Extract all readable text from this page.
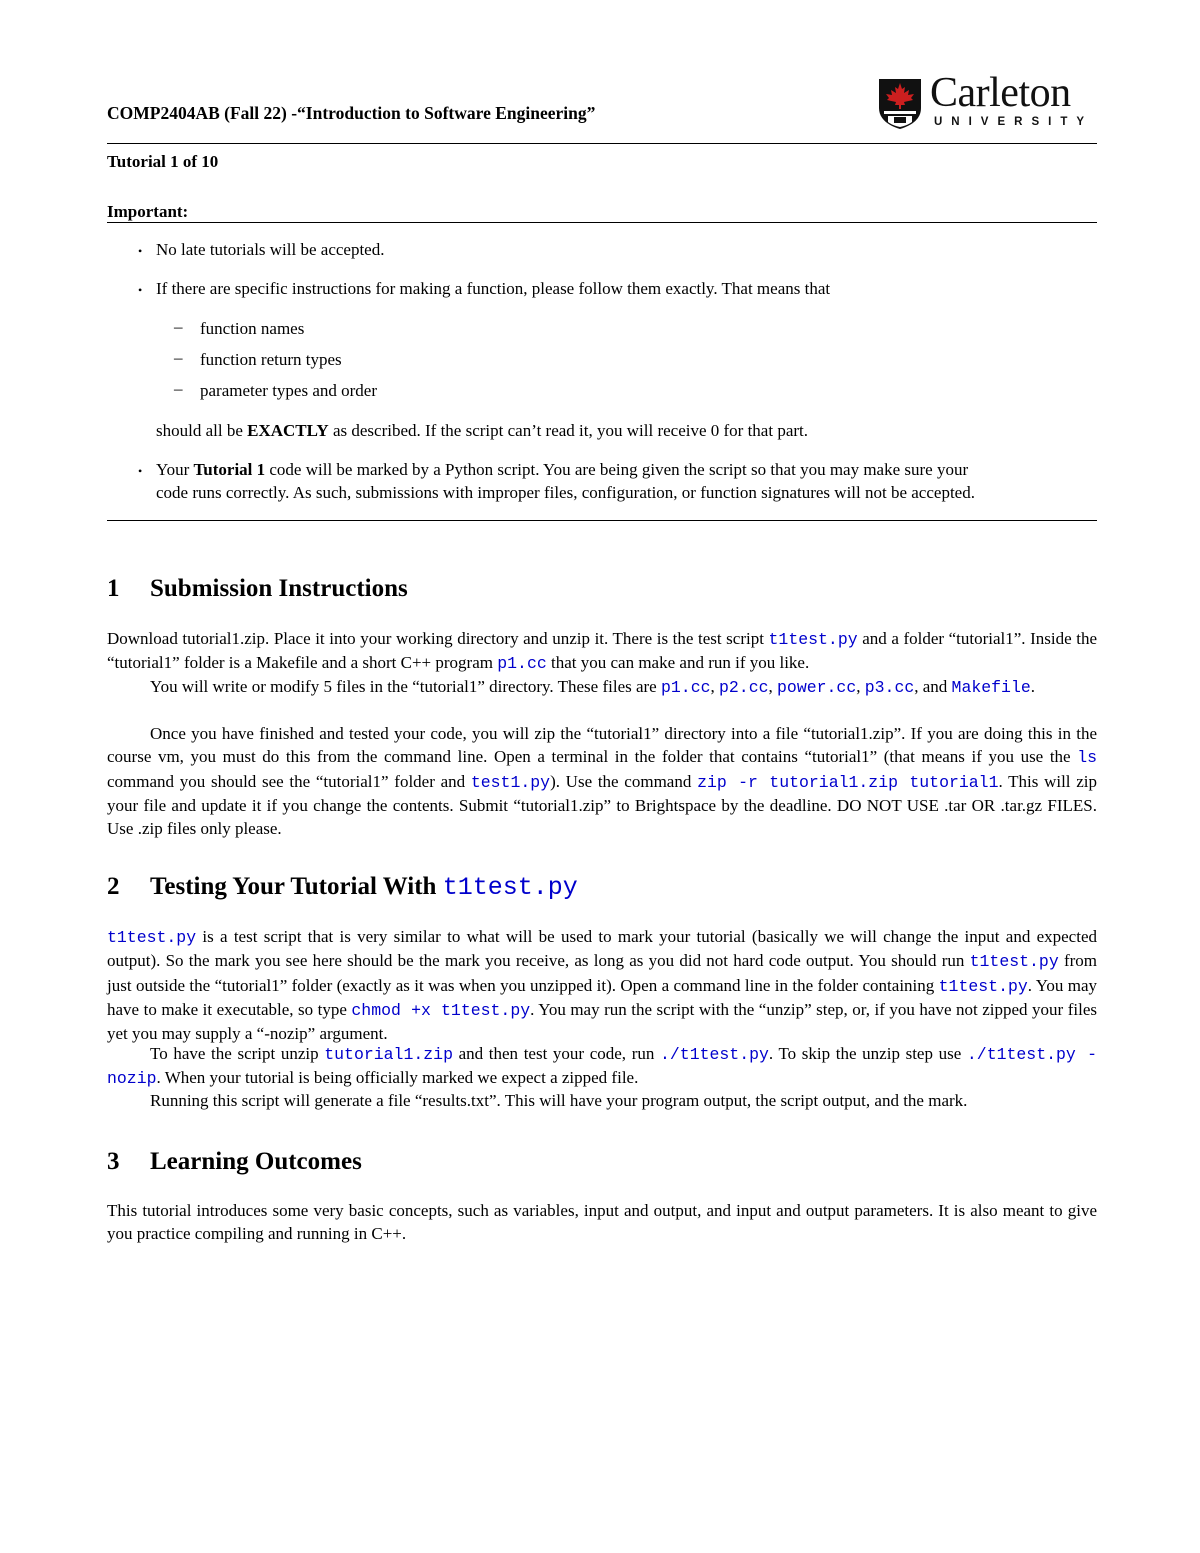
COMP2404AB (Fall 22) -“Introduction to Software Engineering”	Carleton
UNIVERSITY
Tutorial 1 of 10
Important:
• No late tutorials will be accepted.
• If there are specific instructions for making a function, please follow them exactly. That means that
– function names
– function return types
– parameter types and order
should all be EXACTLY as described. If the script can’t read it, you will receive 0 for that part.
• Your Tutorial 1 code will be marked by a Python script. You are being given the script so that you may make sure your
code runs correctly. As such, submissions with improper files, configuration, or function signatures will not be accepted.
1 Submission Instructions
Download tutorial1.zip. Place it into your working directory and unzip it. There is the test script t1test.py and a folder “tutorial1”. Inside the “tutorial1” folder is a Makefile and a short C++ program p1.cc that you can make and run if you like.
You will write or modify 5 files in the “tutorial1” directory. These files are p1.cc, p2.cc, power.cc, p3.cc, and Makefile.
Once you have finished and tested your code, you will zip the “tutorial1” directory into a file “tutorial1.zip”. If you are doing this in the course vm, you must do this from the command line. Open a terminal in the folder that contains “tutorial1” (that means if you use the ls command you should see the “tutorial1” folder and test1.py). Use the command zip -r tutorial1.zip tutorial1. This will zip your file and update it if you change the contents. Submit “tutorial1.zip” to Brightspace by the deadline. DO NOT USE .tar OR .tar.gz FILES. Use .zip files only please.
2 Testing Your Tutorial With t1test.py
t1test.py is a test script that is very similar to what will be used to mark your tutorial (basically we will change the input and expected output). So the mark you see here should be the mark you receive, as long as you did not hard code output. You should run t1test.py from just outside the “tutorial1” folder (exactly as it was when you unzipped it). Open a command line in the folder containing t1test.py. You may have to make it executable, so type chmod +x t1test.py. You may run the script with the “unzip” step, or, if you have not zipped your files yet you may supply a “-nozip” argument.
To have the script unzip tutorial1.zip and then test your code, run ./t1test.py. To skip the unzip step use ./t1test.py -nozip. When your tutorial is being officially marked we expect a zipped file.
Running this script will generate a file “results.txt”. This will have your program output, the script output, and the mark.
3 Learning Outcomes
This tutorial introduces some very basic concepts, such as variables, input and output, and input and output parameters. It is also meant to give you practice compiling and running in C++.
